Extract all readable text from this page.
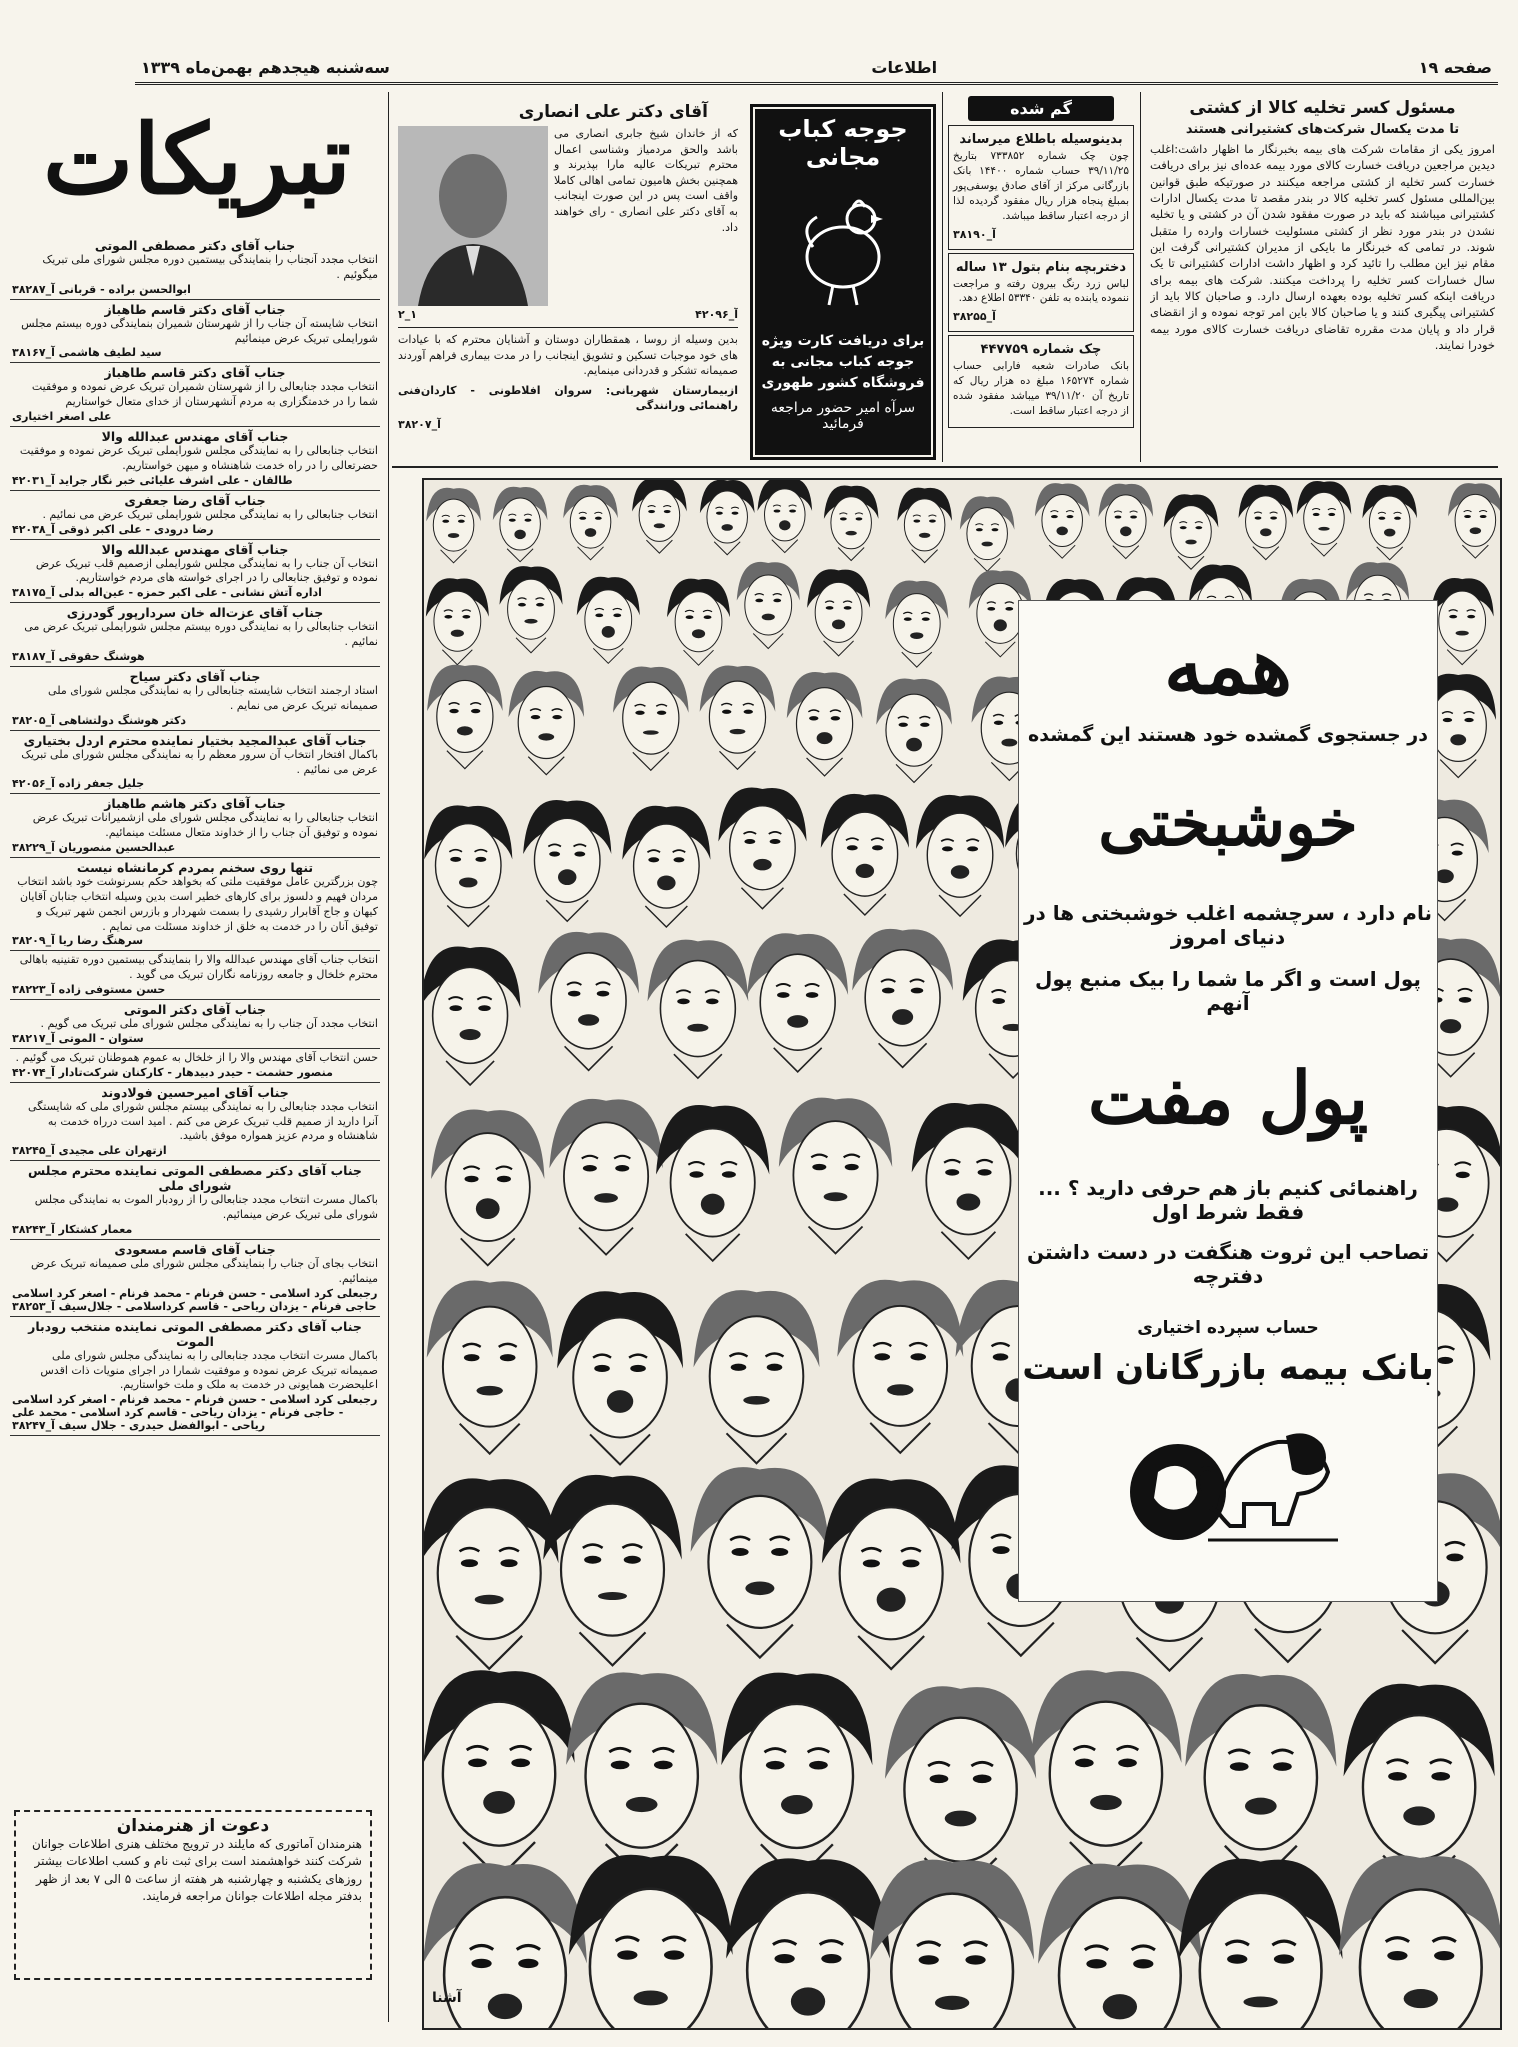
صفحه ۱۹
اطلاعات
سه‌شنبه هیجدهم بهمن‌ماه ۱۳۳۹
مسئول کسر تخلیه کالا از کشتی
تا مدت یکسال شرکت‌های کشتیرانی هستند

امروز یکی از مقامات شرکت های بیمه بخبرنگار ما اظهار داشت:اغلب دیدین مراجعین دریافت خسارت کالای مورد بیمه عده‌ای نیز برای دریافت خسارت کسر تخلیه از کشتی مراجعه میکنند در صورتیکه طبق قوانین بین‌المللی مسئول کسر تخلیه کالا در بندر مقصد تا مدت یکسال ادارات کشتیرانی میباشند که باید در صورت مفقود شدن آن در کشتی و یا تخلیه نشدن در بندر مورد نظر از کشتی مسئولیت خسارات وارده را متقبل شوند. در تمامی که خبرنگار ما بایکی از مدیران کشتیرانی گرفت این مقام نیز این مطلب را تائید کرد و اظهار داشت ادارات کشتیرانی تا یک سال خسارات کسر تخلیه را پرداخت میکنند. شرکت های بیمه برای دریافت اینکه کسر تخلیه بوده بعهده ارسال دارد. و صاحبان کالا باید از کشتیرانی پیگیری کنند و یا صاحبان کالا باین امر توجه نموده و از انقضای قرار داد و پایان مدت مقرره تقاضای دریافت خسارت کالای مورد بیمه خودرا نمایند.

گم شده
بدینوسیله باطلاع میرساند

چون چک شماره ۷۳۳۸۵۲ بتاریخ ۳۹/۱۱/۲۵ حساب شماره ۱۴۴۰۰ بانک بازرگانی مرکز از آقای صادق یوسفی‌پور بمبلغ پنجاه هزار ریال مفقود گردیده لذا از درجه اعتبار ساقط میباشد.

آ_۳۸۱۹۰
دختربچه بنام بتول ۱۳ ساله

لباس زرد رنگ بیرون رفته و مراجعت ننموده یابنده به تلفن ۵۳۳۴۰ اطلاع دهد.

آ_۳۸۲۵۵
چک شماره ۴۴۷۷۵۹

بانک صادرات شعبه فارابی حساب شماره ۱۶۵۲۷۴ مبلغ ده هزار ریال که تاریخ آن ۳۹/۱۱/۲۰ میباشد مفقود شده از درجه اعتبار ساقط است.

جوجه کباب مجانی
برای دریافت کارت ویژه جوجه کباب مجانی به فروشگاه کشور طهوری
سرآه امیر حضور مراجعه فرمائید
آقای دکتر علی انصاری

که از خاندان شیخ جابری انصاری می باشد والحق مردمیاز وشناسی اعمال محترم تبریکات عالیه مارا بپذیرند و همچنین بخش هامیون تمامی اهالی کاملا واقف است پس در این صورت اینجانب به آقای دکتر علی انصاری - رای خواهند داد.

آ_۴۲۰۹۶
۱_۲

بدین وسیله از روسا ، همقطاران دوستان و آشنایان محترم که با عیادات های خود موجبات تسکین و تشویق اینجانب را در مدت بیماری فراهم آوردند صمیمانه تشکر و قدردانی مینمایم.

ازبیمارستان شهربانی: سروان افلاطونی - کاردان‌فنی راهنمائی ورانندگی

آ_۳۸۲۰۷
تبریکات
جناب آقای دکتر مصطفی الموتی
انتخاب مجدد آنجناب را بنمایندگی بیستمین دوره مجلس شورای ملی تبریک میگوئیم .
ابوالحسن براده - قربانی آ_۳۸۲۸۷
جناب آقای دکتر قاسم طاهباز
انتخاب شایسته آن جناب را از شهرستان شمیران بنمایندگی دوره بیستم مجلس شورایملی تبریک عرض مینمائیم
سید لطیف هاشمی آ_۳۸۱۶۷
جناب آقای دکتر قاسم طاهباز
انتخاب مجدد جنابعالی را از شهرستان شمیران تبریک عرض نموده و موفقیت شما را در خدمتگزاری به مردم آنشهرستان از خدای متعال خواستاریم
علی اصغر اختیاری
جناب آقای مهندس عبدالله والا
انتخاب جنابعالی را به نمایندگی مجلس شورایملی تبریک عرض نموده و موفقیت حضرتعالی را در راه خدمت شاهنشاه و میهن خواستاریم.
طالقان - علی اشرف علیائی خبر نگار جراید آ_۴۲۰۳۱
جناب آقای رضا جعفری
انتخاب جنابعالی را به نمایندگی مجلس شورایملی تبریک عرض می نمائیم .
رضا درودی - علی اکبر ذوقی آ_۴۲۰۳۸
جناب آقای مهندس عبدالله والا
انتخاب آن جناب را به نمایندگی مجلس شورایملی ازصمیم قلب تبریک عرض نموده و توفیق جنابعالی را در اجرای خواسته های مردم خواستاریم.
اداره آتش نشانی - علی اکبر حمزه - عین‌اله بدلی آ_۳۸۱۷۵
جناب آقای عزت‌اله خان سردارپور گودرزی
انتخاب جنابعالی را به نمایندگی دوره بیستم مجلس شورایملی تبریک عرض می نمائیم .
هوشنگ حقوقی آ_۳۸۱۸۷
جناب آقای دکتر سیاح
استاد ارجمند انتخاب شایسته جنابعالی را به نمایندگی مجلس شورای ملی صمیمانه تبریک عرض می نمایم .
دکتر هوشنگ دولتشاهی آ_۳۸۲۰۵
جناب آقای عبدالمجید بختیار نماینده محترم اردل بختیاری
باکمال افتخار انتخاب آن سرور معظم را به نمایندگی مجلس شورای ملی تبریک عرض می نمائیم .
جلیل جعفر زاده آ_۴۲۰۵۶
جناب آقای دکتر هاشم طاهباز
انتخاب جنابعالی را به نمایندگی مجلس شورای ملی ازشمیرانات تبریک عرض نموده و توفیق آن جناب را از خداوند متعال مسئلت مینمائیم.
عبدالحسین منصوریان آ_۳۸۲۲۹
تنها روی سخنم بمردم کرمانشاه نیست
چون بزرگترین عامل موفقیت ملتی که بخواهد حکم بسرنوشت خود باشد انتخاب مردان فهیم و دلسوز برای کارهای خطیر است بدین وسیله انتخاب جنابان آقایان کیهان و جاج آقابرار رشیدی را بسمت شهردار و بازرس انجمن شهر تبریک و توفیق آنان را در خدمت به خلق از خداوند مسئلت می نمایم .
سرهنگ رضا ریا آ_۳۸۲۰۹
انتخاب جناب آقای مهندس عبدالله والا را بنمایندگی بیستمین دوره تقنینیه باهالی محترم خلخال و جامعه روزنامه نگاران تبریک می گوید .
حسن مستوفی زاده آ_۳۸۲۲۳
جناب آقای دکتر الموتی
انتخاب مجدد آن جناب را به نمایندگی مجلس شورای ملی تبریک می گویم .
ستوان - الموتی آ_۳۸۲۱۷
حسن انتخاب آقای مهندس والا را از خلخال به عموم هموطنان تبریک می گوئیم .
منصور حشمت - حیدر دبیدهار - کارکنان شرکت‌تادار آ_۴۲۰۷۴
جناب آقای امیرحسین فولادوند
انتخاب مجدد جنابعالی را به نمایندگی بیستم مجلس شورای ملی که شایستگی آنرا دارید از صمیم قلب تبریک عرض می کنم . امید است درراه خدمت به شاهنشاه و مردم عزیز همواره موفق باشید.
ازتهران علی مجیدی آ_۳۸۲۴۵
جناب آقای دکتر مصطفی الموتی نماینده محترم مجلس شورای ملی
باکمال مسرت انتخاب مجدد جنابعالی را از رودبار الموت به نمایندگی مجلس شورای ملی تبریک عرض مینمائیم.
معمار کشتکار آ_۳۸۲۴۳
جناب آقای قاسم مسعودی
انتخاب بجای آن جناب را بنمایندگی مجلس شورای ملی صمیمانه تبریک عرض مینمائیم.
رجبعلی کرد اسلامی - حسن فرنام - محمد فرنام - اصغر کرد اسلامی حاجی فرنام - یزدان ریاحی - قاسم کرداسلامی - جلال‌سیف آ_۳۸۲۵۳
جناب آقای دکتر مصطفی الموتی نماینده منتخب رودبار الموت
باکمال مسرت انتخاب مجدد جنابعالی را به نمایندگی مجلس شورای ملی صمیمانه تبریک عرض نموده و موفقیت شمارا در اجرای منویات ذات اقدس اعلیحضرت همایونی در خدمت به ملک و ملت خواستاریم.
رجبعلی کرد اسلامی - حسن فرنام - محمد فرنام - اصغر کرد اسلامی - حاجی فرنام - یزدان ریاحی - قاسم کرد اسلامی - محمد علی ریاحی - ابوالفضل حیدری - جلال سیف آ_۳۸۲۴۷
دعوت از هنرمندان
هنرمندان آماتوری که مایلند در ترویج مختلف هنری اطلاعات جوانان شرکت کنند خواهشمند است برای ثبت نام و کسب اطلاعات بیشتر روزهای یکشنبه و چهارشنبه هر هفته از ساعت ۵ الی ۷ بعد از ظهر بدفتر مجله اطلاعات جوانان مراجعه فرمایند.
همه
در جستجوی گمشده خود هستند این گمشده
خوشبختی
نام دارد ، سرچشمه اغلب خوشبختی ها در دنیای امروز
پول است و اگر ما شما را بیک منبع پول آنهم
پول مفت
راهنمائی کنیم باز هم حرفی دارید ؟ ... فقط شرط اول
تصاحب این ثروت هنگفت در دست داشتن دفترچه
حساب سپرده اختیاری
بانک بیمه بازرگانان است
آشنا
